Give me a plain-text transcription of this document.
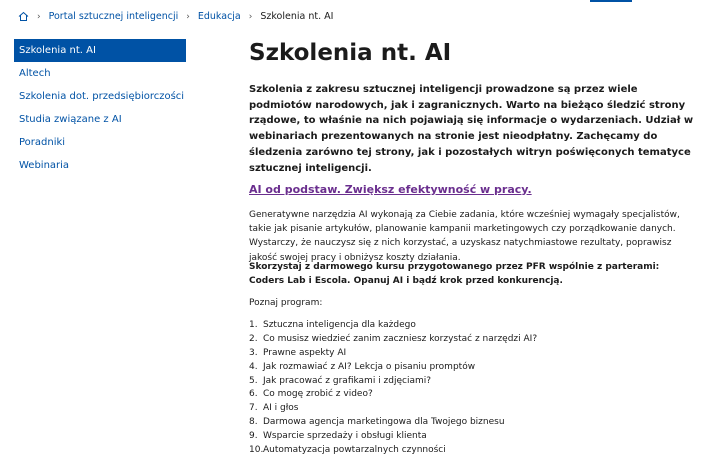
› Portal sztucznej inteligencji › Edukacja › Szkolenia nt. AI
Szkolenia nt. AI
Altech
Szkolenia dot. przedsiębiorczości
Studia związane z AI
Poradniki
Webinaria
Szkolenia nt. AI

Szkolenia z zakresu sztucznej inteligencji prowadzone są przez wiele podmiotów narodowych, jak i zagranicznych. Warto na bieżąco śledzić strony rządowe, to właśnie na nich pojawiają się informacje o wydarzeniach. Udział w webinariach prezentowanych na stronie jest nieodpłatny. Zachęcamy do śledzenia zarówno tej strony, jak i pozostałych witryn poświęconych tematyce sztucznej inteligencji.

AI od podstaw. Zwiększ efektywność w pracy.

Generatywne narzędzia AI wykonają za Ciebie zadania, które wcześniej wymagały specjalistów, takie jak pisanie artykułów, planowanie kampanii marketingowych czy porządkowanie danych. Wystarczy, że nauczysz się z nich korzystać, a uzyskasz natychmiastowe rezultaty, poprawisz jakość swojej pracy i obniżysz koszty działania.

Skorzystaj z darmowego kursu przygotowanego przez PFR wspólnie z parterami: Coders Lab i Escola. Opanuj AI i bądź krok przed konkurencją.

Poznaj program:

1. Sztuczna inteligencja dla każdego
2. Co musisz wiedzieć zanim zaczniesz korzystać z narzędzi AI?
3. Prawne aspekty AI
4. Jak rozmawiać z AI? Lekcja o pisaniu promptów
5. Jak pracować z grafikami i zdjęciami?
6. Co mogę zrobić z video?
7. AI i głos
8. Darmowa agencja marketingowa dla Twojego biznesu
9. Wsparcie sprzedaży i obsługi klienta
10.Automatyzacja powtarzalnych czynności
